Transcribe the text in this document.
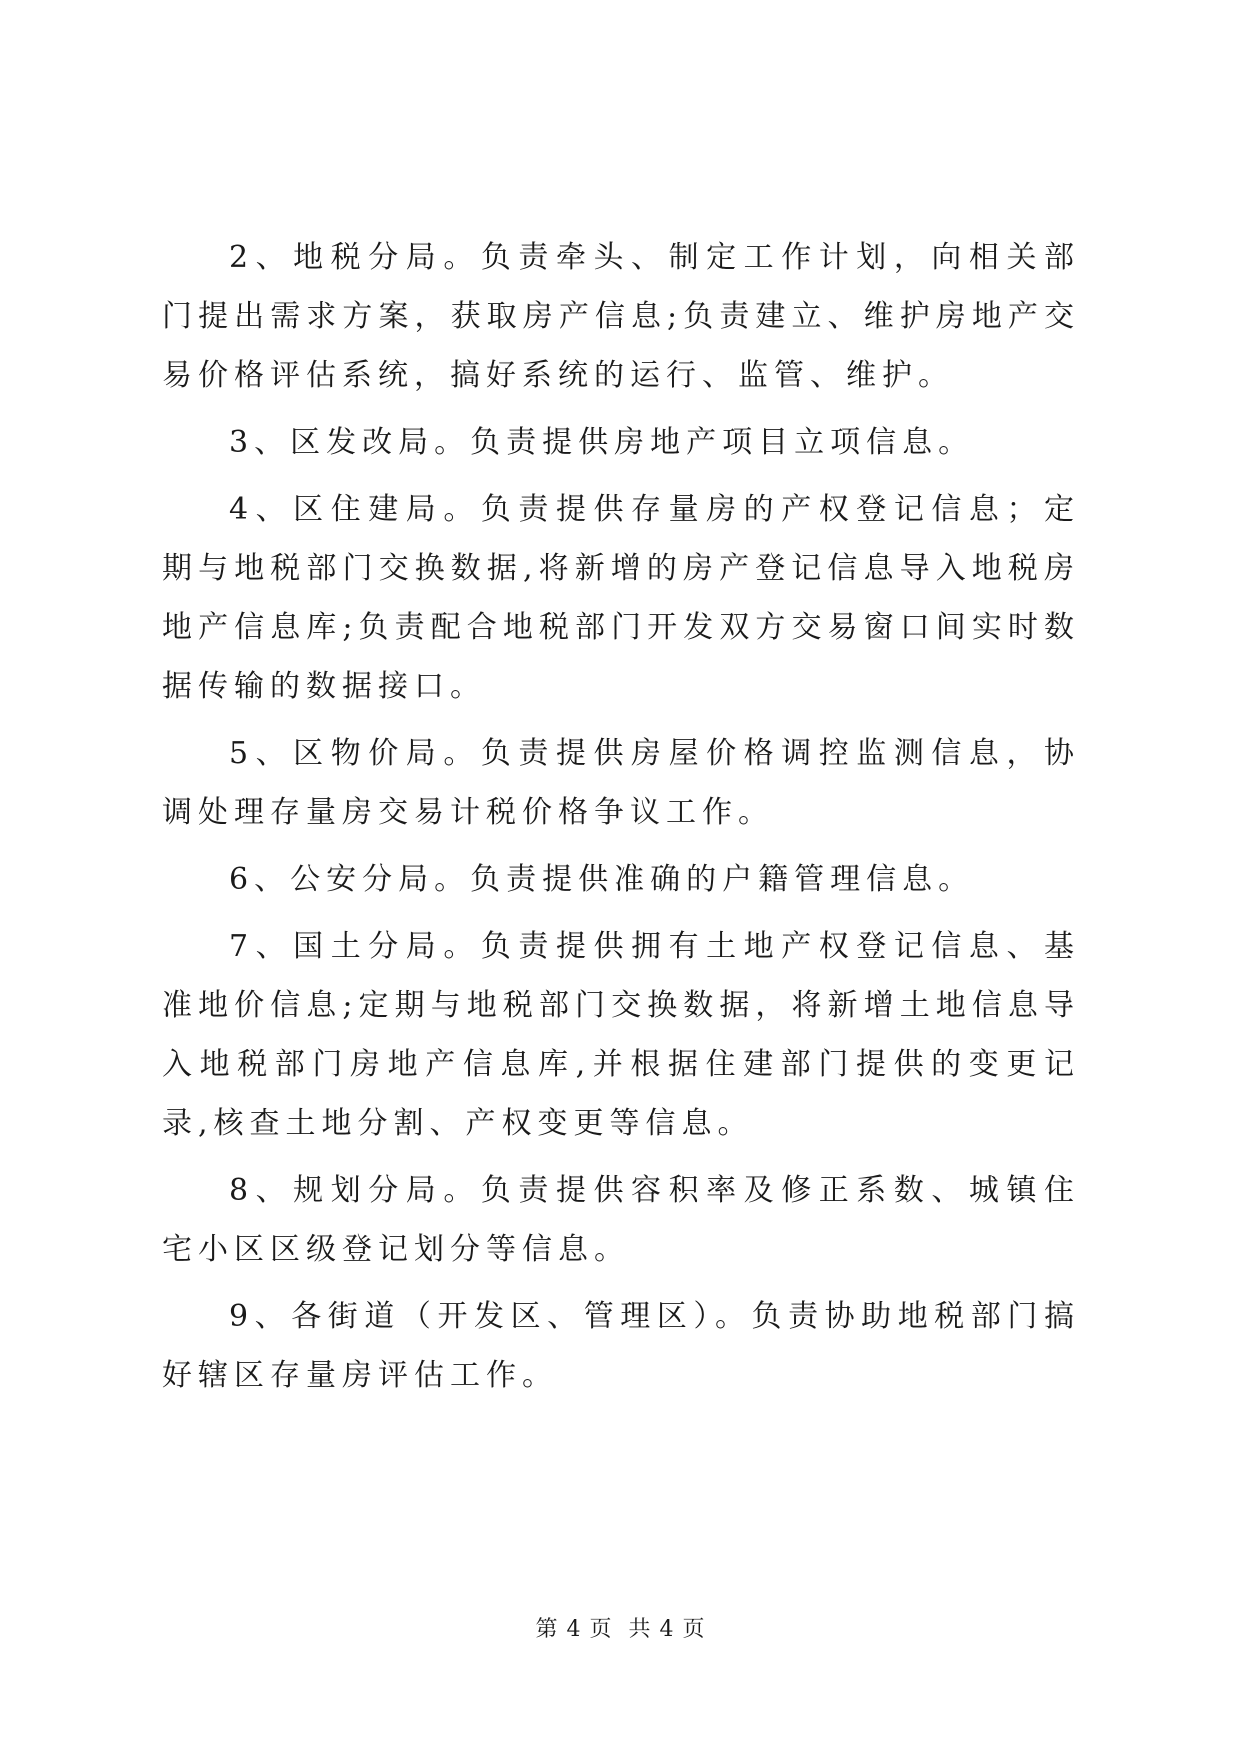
2、地税分局。负责牵头、制定工作计划，向相关部门提出需求方案，获取房产信息;负责建立、维护房地产交易价格评估系统，搞好系统的运行、监管、维护。

3、区发改局。负责提供房地产项目立项信息。

4、区住建局。负责提供存量房的产权登记信息；定期与地税部门交换数据,将新增的房产登记信息导入地税房地产信息库;负责配合地税部门开发双方交易窗口间实时数据传输的数据接口。

5、区物价局。负责提供房屋价格调控监测信息，协调处理存量房交易计税价格争议工作。

6、公安分局。负责提供准确的户籍管理信息。

7、国土分局。负责提供拥有土地产权登记信息、基准地价信息;定期与地税部门交换数据，将新增土地信息导入地税部门房地产信息库,并根据住建部门提供的变更记录,核查土地分割、产权变更等信息。

8、规划分局。负责提供容积率及修正系数、城镇住宅小区区级登记划分等信息。

9、各街道（开发区、管理区）。负责协助地税部门搞好辖区存量房评估工作。

第 4 页 共 4 页
